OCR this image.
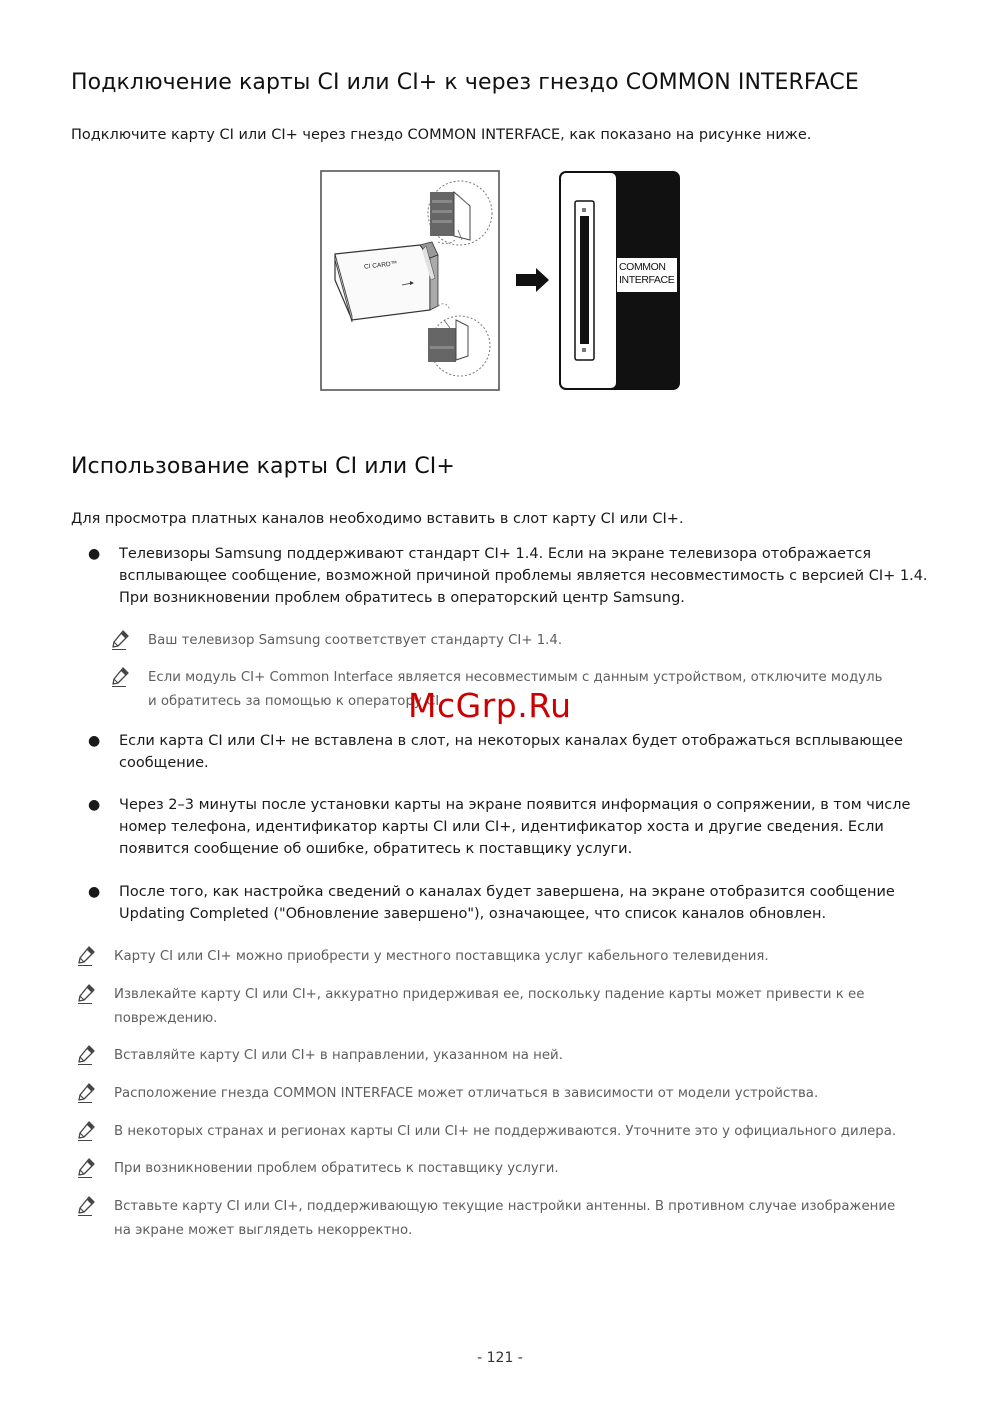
Подключение карты CI или CI+ к через гнездо COMMON INTERFACE
Подключите карту CI или CI+ через гнездо COMMON INTERFACE, как показано на рисунке ниже.
CI CARD™	COMMON
INTERFACE
Использование карты CI или CI+
Для просмотра платных каналов необходимо вставить в слот карту CI или CI+.
● Телевизоры Samsung поддерживают стандарт CI+ 1.4. Если на экране телевизора отображается всплывающее сообщение, возможной причиной проблемы является несовместимость с версией CI+ 1.4. При возникновении проблем обратитесь в операторский центр Samsung.
Ваш телевизор Samsung соответствует стандарту CI+ 1.4.
Если модуль CI+ Common Interface является несовместимым с данным устройством, отключите модуль и обратитесь за помощью к оператору CI.
● Если карта CI или CI+ не вставлена в слот, на некоторых каналах будет отображаться всплывающее сообщение.
● Через 2–3 минуты после установки карты на экране появится информация о сопряжении, в том числе номер телефона, идентификатор карты CI или CI+, идентификатор хоста и другие сведения. Если появится сообщение об ошибке, обратитесь к поставщику услуги.
● После того, как настройка сведений о каналах будет завершена, на экране отобразится сообщение Updating Completed ("Обновление завершено"), означающее, что список каналов обновлен.
Карту CI или CI+ можно приобрести у местного поставщика услуг кабельного телевидения.
Извлекайте карту CI или CI+, аккуратно придерживая ее, поскольку падение карты может привести к ее повреждению.
Вставляйте карту CI или CI+ в направлении, указанном на ней.
Расположение гнезда COMMON INTERFACE может отличаться в зависимости от модели устройства.
В некоторых странах и регионах карты CI или CI+ не поддерживаются. Уточните это у официального дилера.
При возникновении проблем обратитесь к поставщику услуги.
Вставьте карту CI или CI+, поддерживающую текущие настройки антенны. В противном случае изображение на экране может выглядеть некорректно.
McGrp.Ru
- 121 -
